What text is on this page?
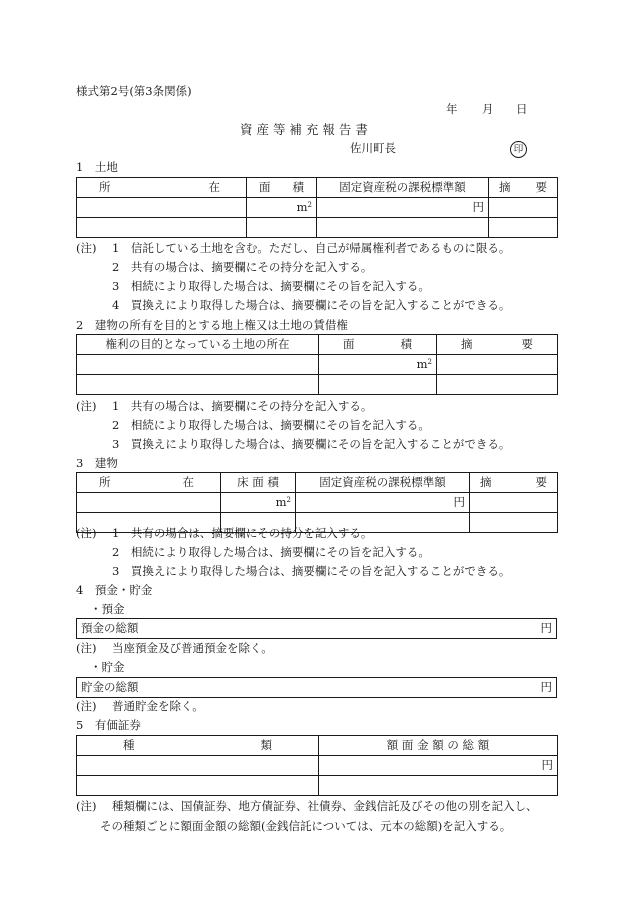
様式第2号(第3条関係)
年 月 日
資 産 等 補 充 報 告 書
佐川町長	印
1　土地
所 在	面 積	固定資産税の課税標準額	摘 要

	$m^2$	円	

(注) 1　信託している土地を含む。ただし、自己が帰属権利者であるものに限る。
2　共有の場合は、摘要欄にその持分を記入する。
3　相続により取得した場合は、摘要欄にその旨を記入する。
4　買換えにより取得した場合は、摘要欄にその旨を記入することができる。
2　建物の所有を目的とする地上権又は土地の賃借権
権利の目的となっている土地の所在	面 積	摘 要

	$m^2$	

(注) 1　共有の場合は、摘要欄にその持分を記入する。
2　相続により取得した場合は、摘要欄にその旨を記入する。
3　買換えにより取得した場合は、摘要欄にその旨を記入することができる。
3　建物
所 在	床 面 積	固定資産税の課税標準額	摘 要

	$m^2$	円	

(注) 1　共有の場合は、摘要欄にその持分を記入する。
2　相続により取得した場合は、摘要欄にその旨を記入する。
3　買換えにより取得した場合は、摘要欄にその旨を記入することができる。
4　預金・貯金
・預金
預金の総額	円
(注) 当座預金及び普通預金を除く。
・貯金
貯金の総額	円
(注) 普通貯金を除く。
5　有価証券
種 類	額 面 金 額 の 総 額
	円

(注) 種類欄には、国債証券、地方債証券、社債券、金銭信託及びその他の別を記入し、
その種類ごとに額面金額の総額(金銭信託については、元本の総額)を記入する。
